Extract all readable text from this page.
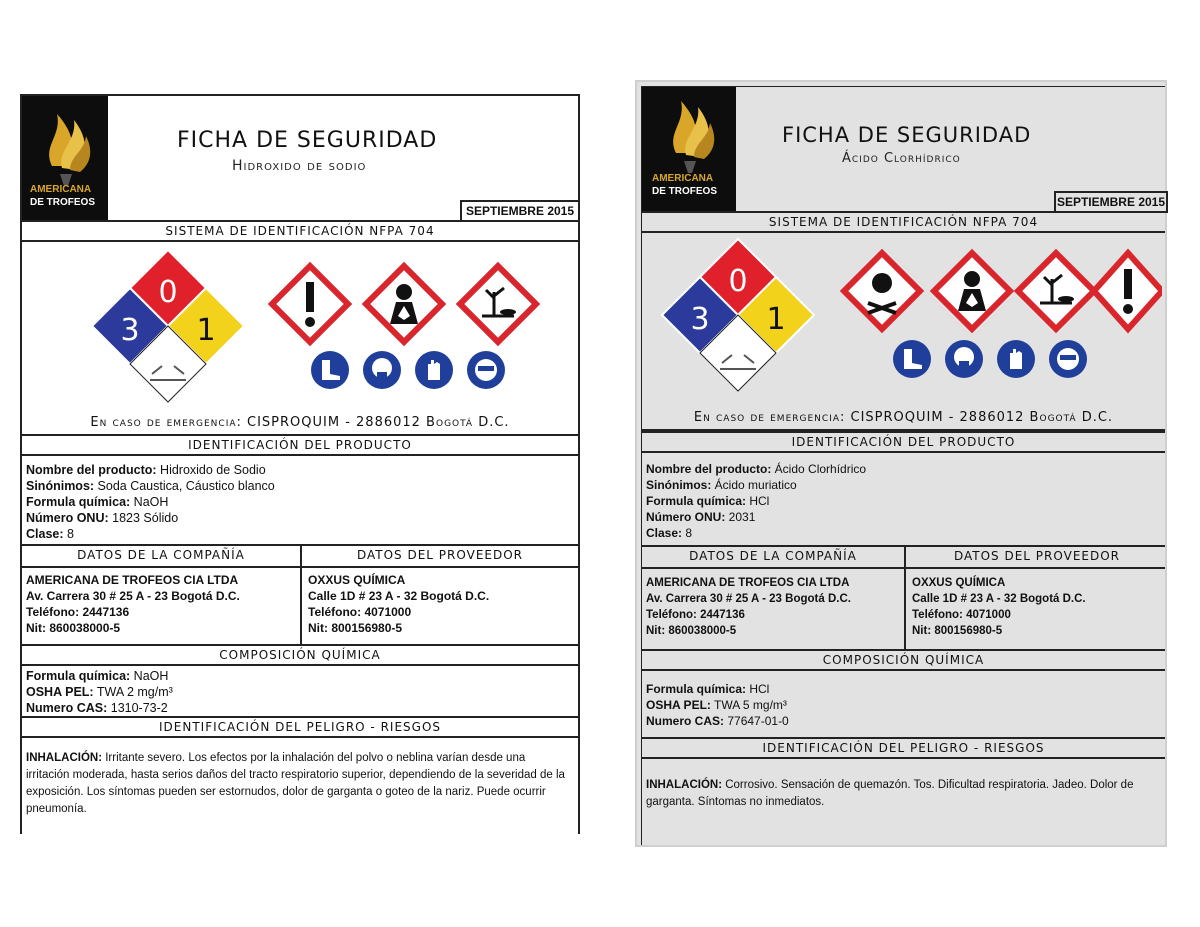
AMERICANA
DE TROFEOS
FICHA DE SEGURIDAD
Hidroxido de sodio
SEPTIEMBRE 2015
SISTEMA DE IDENTIFICACIÓN NFPA 704
0
3 1
En caso de emergencia: CISPROQUIM - 2886012 Bogotá D.C.
IDENTIFICACIÓN DEL PRODUCTO
Nombre del producto: Hidroxido de Sodio
Sinónimos: Soda Caustica, Cáustico blanco
Formula química: NaOH
Número ONU: 1823 Sólido
Clase: 8
DATOS DE LA COMPAÑÍA	DATOS DEL PROVEEDOR
AMERICANA DE TROFEOS CIA LTDA
Av. Carrera 30 # 25 A - 23 Bogotá D.C.
Teléfono: 2447136
Nit: 860038000-5
OXXUS QUÍMICA
Calle 1D # 23 A - 32 Bogotá D.C.
Teléfono: 4071000
Nit: 800156980-5
COMPOSICIÓN QUÍMICA
Formula química: NaOH
OSHA PEL: TWA 2 mg/m³
Numero CAS: 1310-73-2
IDENTIFICACIÓN DEL PELIGRO - RIESGOS
INHALACIÓN: Irritante severo. Los efectos por la inhalación del polvo o neblina varían desde una irritación moderada, hasta serios daños del tracto respiratorio superior, dependiendo de la severidad de la exposición. Los síntomas pueden ser estornudos, dolor de garganta o goteo de la nariz. Puede ocurrir pneumonía.
AMERICANA
DE TROFEOS
FICHA DE SEGURIDAD
Ácido Clorhídrico
SEPTIEMBRE 2015
SISTEMA DE IDENTIFICACIÓN NFPA 704
0
3 1
En caso de emergencia: CISPROQUIM - 2886012 Bogotá D.C.
IDENTIFICACIÓN DEL PRODUCTO
Nombre del producto: Ácido Clorhídrico
Sinónimos: Ácido muriatico
Formula química: HCl
Número ONU: 2031
Clase: 8
DATOS DE LA COMPAÑÍA	DATOS DEL PROVEEDOR
AMERICANA DE TROFEOS CIA LTDA
Av. Carrera 30 # 25 A - 23 Bogotá D.C.
Teléfono: 2447136
Nit: 860038000-5
OXXUS QUÍMICA
Calle 1D # 23 A - 32 Bogotá D.C.
Teléfono: 4071000
Nit: 800156980-5
COMPOSICIÓN QUÍMICA
Formula química: HCl
OSHA PEL: TWA 5 mg/m³
Numero CAS: 77647-01-0
IDENTIFICACIÓN DEL PELIGRO - RIESGOS
INHALACIÓN: Corrosivo. Sensación de quemazón. Tos. Dificultad respiratoria. Jadeo. Dolor de garganta. Síntomas no inmediatos.
